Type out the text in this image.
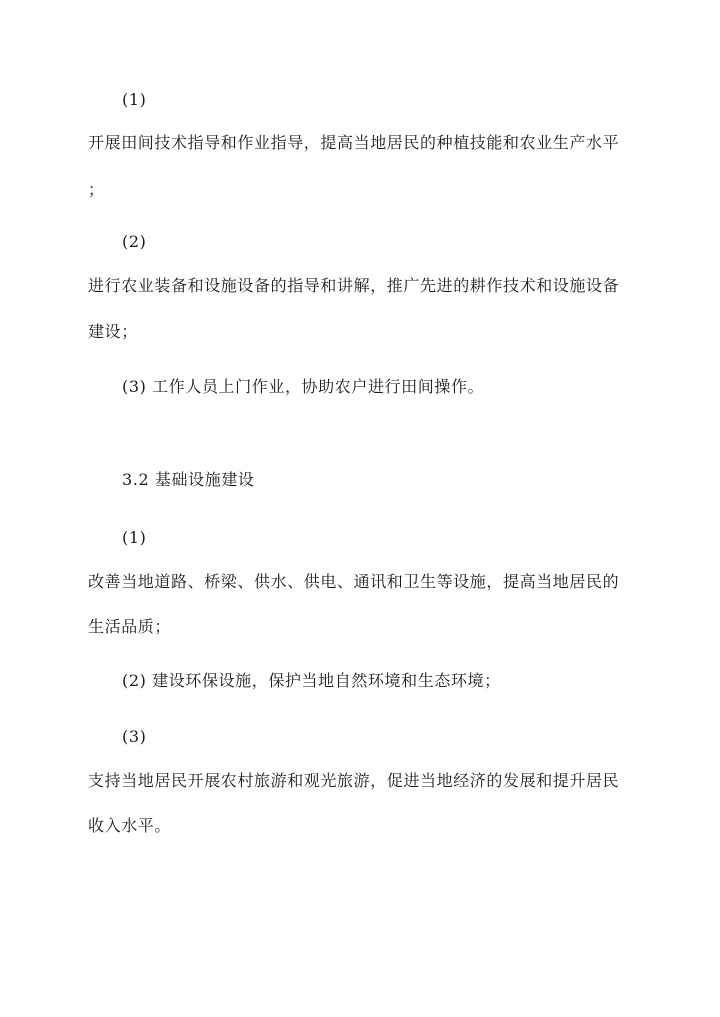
(1)
开展田间技术指导和作业指导，提高当地居民的种植技能和农业生产水平
；
(2)
进行农业装备和设施设备的指导和讲解，推广先进的耕作技术和设施设备
建设；
(3) 工作人员上门作业，协助农户进行田间操作。
3.2 基础设施建设
(1)
改善当地道路、桥梁、供水、供电、通讯和卫生等设施，提高当地居民的
生活品质；
(2) 建设环保设施，保护当地自然环境和生态环境；
(3)
支持当地居民开展农村旅游和观光旅游，促进当地经济的发展和提升居民
收入水平。
